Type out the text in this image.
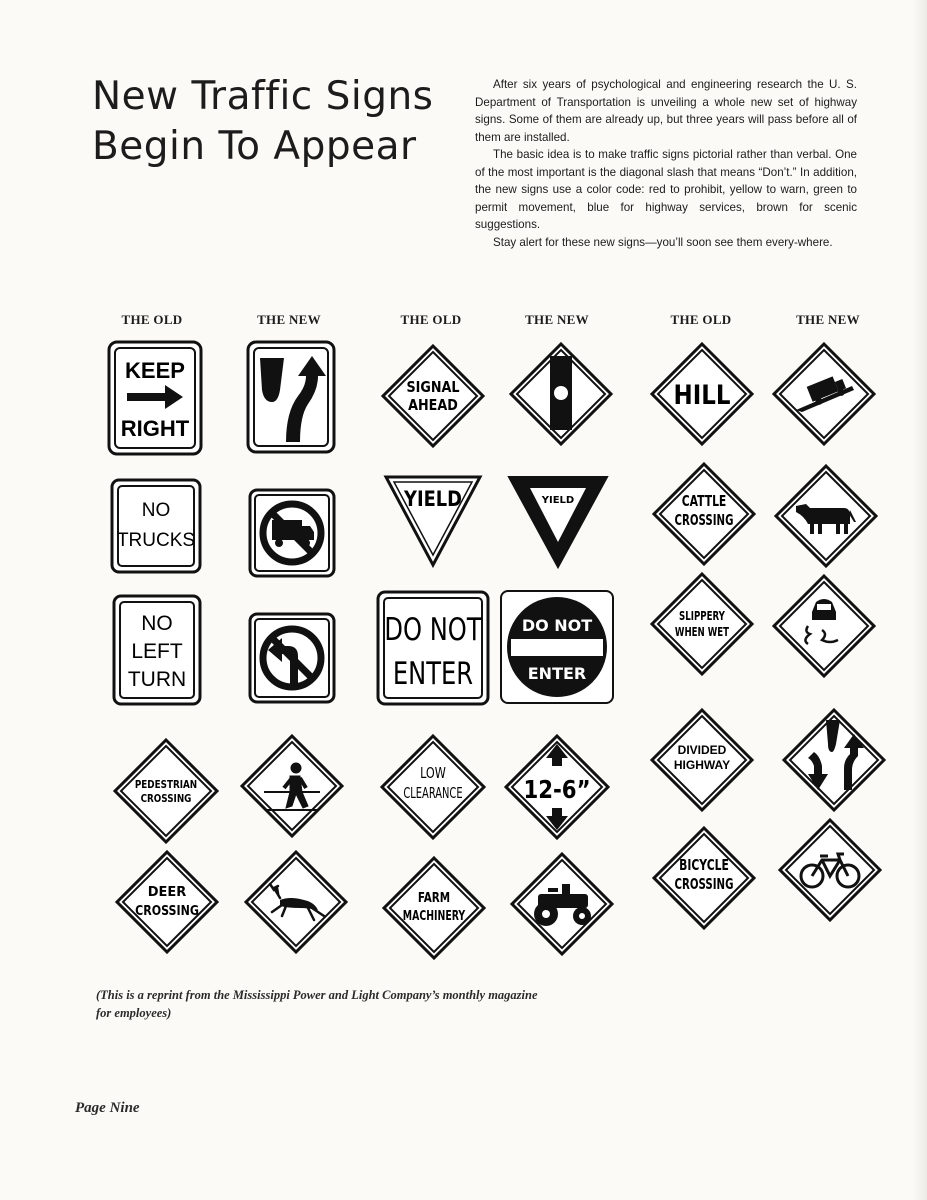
New Traffic Signs
Begin To Appear

After six years of psychological and engineering research the U. S. Department of Transportation is unveiling a whole new set of highway signs. Some of them are already up, but three years will pass before all of them are installed.

The basic idea is to make traffic signs pictorial rather than verbal. One of the most important is the diagonal slash that means “Don’t.” In addition, the new signs use a color code: red to prohibit, yellow to warn, green to permit movement, blue for highway services, brown for scenic suggestions.

Stay alert for these new signs—you’ll soon see them every-where.

THE OLD	THE NEW	THE OLD	THE NEW	THE OLD	THE NEW
KEEP
RIGHT
NO
TRUCKS
NO
LEFT
TURN
PEDESTRIAN
CROSSING
DEER
CROSSING
SIGNAL
AHEAD
YIELD	YIELD
DO NOT
ENTER
DO NOT
ENTER
LOW
CLEARANCE 12-6”
FARM
MACHINERY
HILL
CATTLE
CROSSING
SLIPPERY
WHEN WET
DIVIDED
HIGHWAY
BICYCLE
CROSSING

(This is a reprint from the Mississippi Power and Light Company’s monthly magazine
for employees)

Page Nine
